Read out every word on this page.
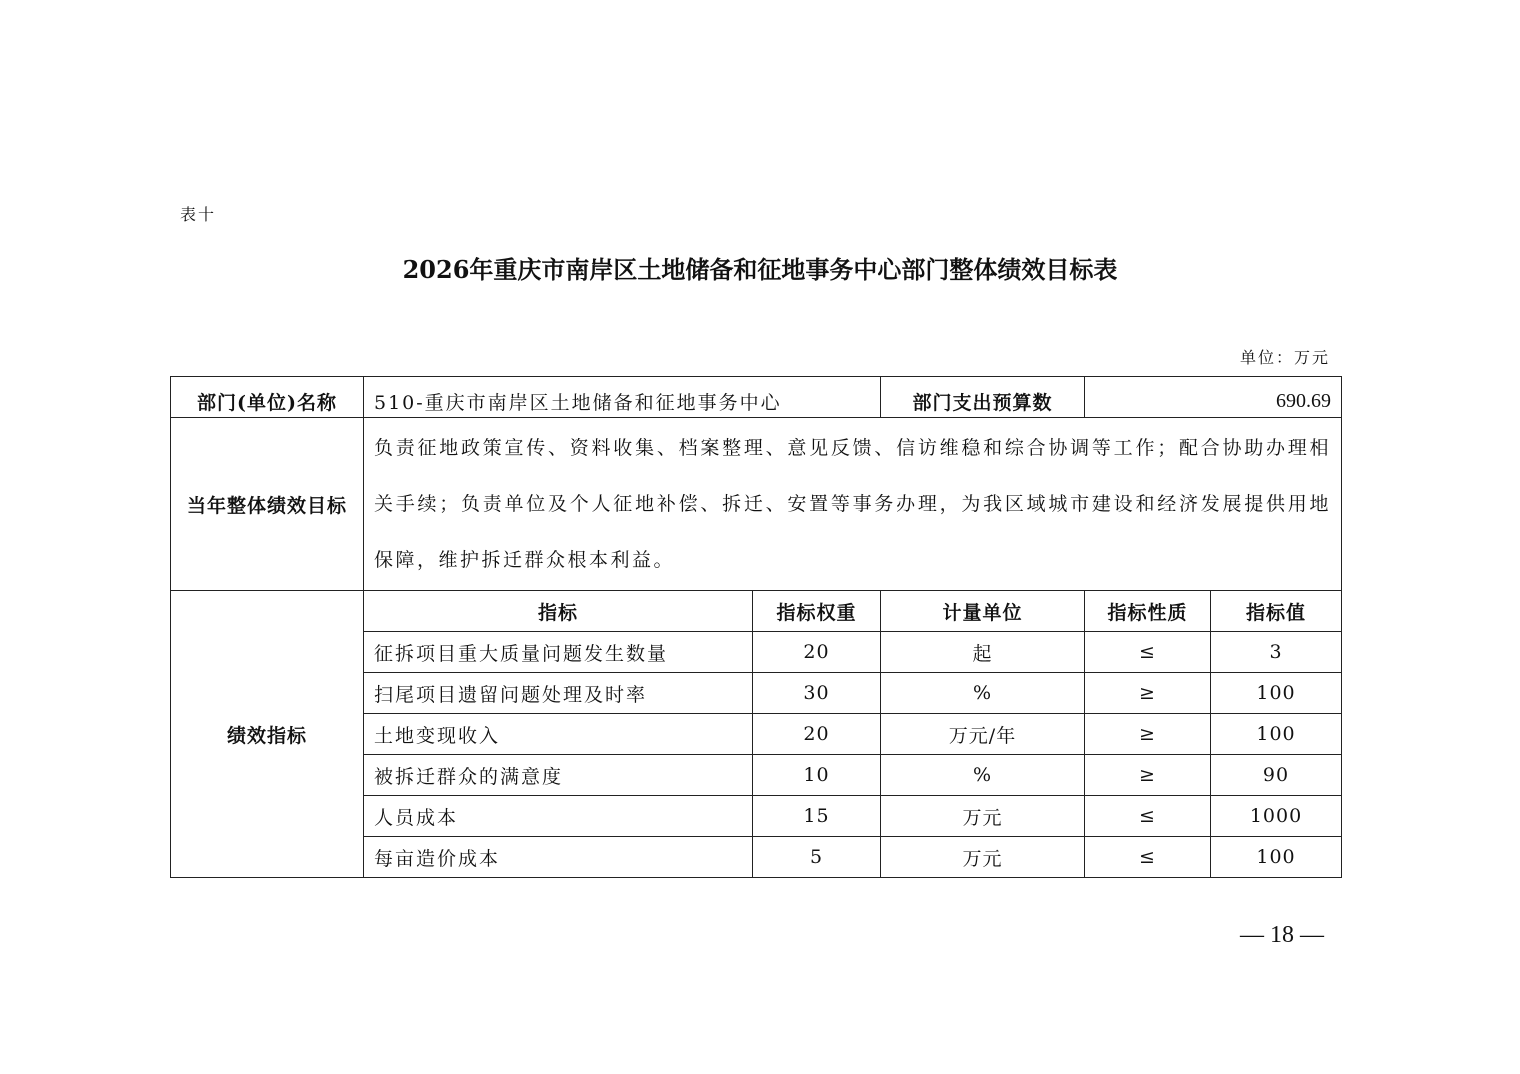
表十
2026年重庆市南岸区土地储备和征地事务中心部门整体绩效目标表
单位：万元
部门(单位)名称	510-重庆市南岸区土地储备和征地事务中心		部门支出预算数	690.69	
当年整体绩效目标	负责征地政策宣传、资料收集、档案整理、意见反馈、信访维稳和综合协调等工作；配合协助办理相关手续；负责单位及个人征地补偿、拆迁、安置等事务办理，为我区域城市建设和经济发展提供用地保障，维护拆迁群众根本利益。				
绩效指标	指标	指标权重	计量单位	指标性质	指标值
	征拆项目重大质量问题发生数量	20	起	≤	3
	扫尾项目遗留问题处理及时率	30	%	≥	100
	土地变现收入	20	万元/年	≥	100
	被拆迁群众的满意度	10	%	≥	90
	人员成本	15	万元	≤	1000
	每亩造价成本	5	万元	≤	100
— 18 —
